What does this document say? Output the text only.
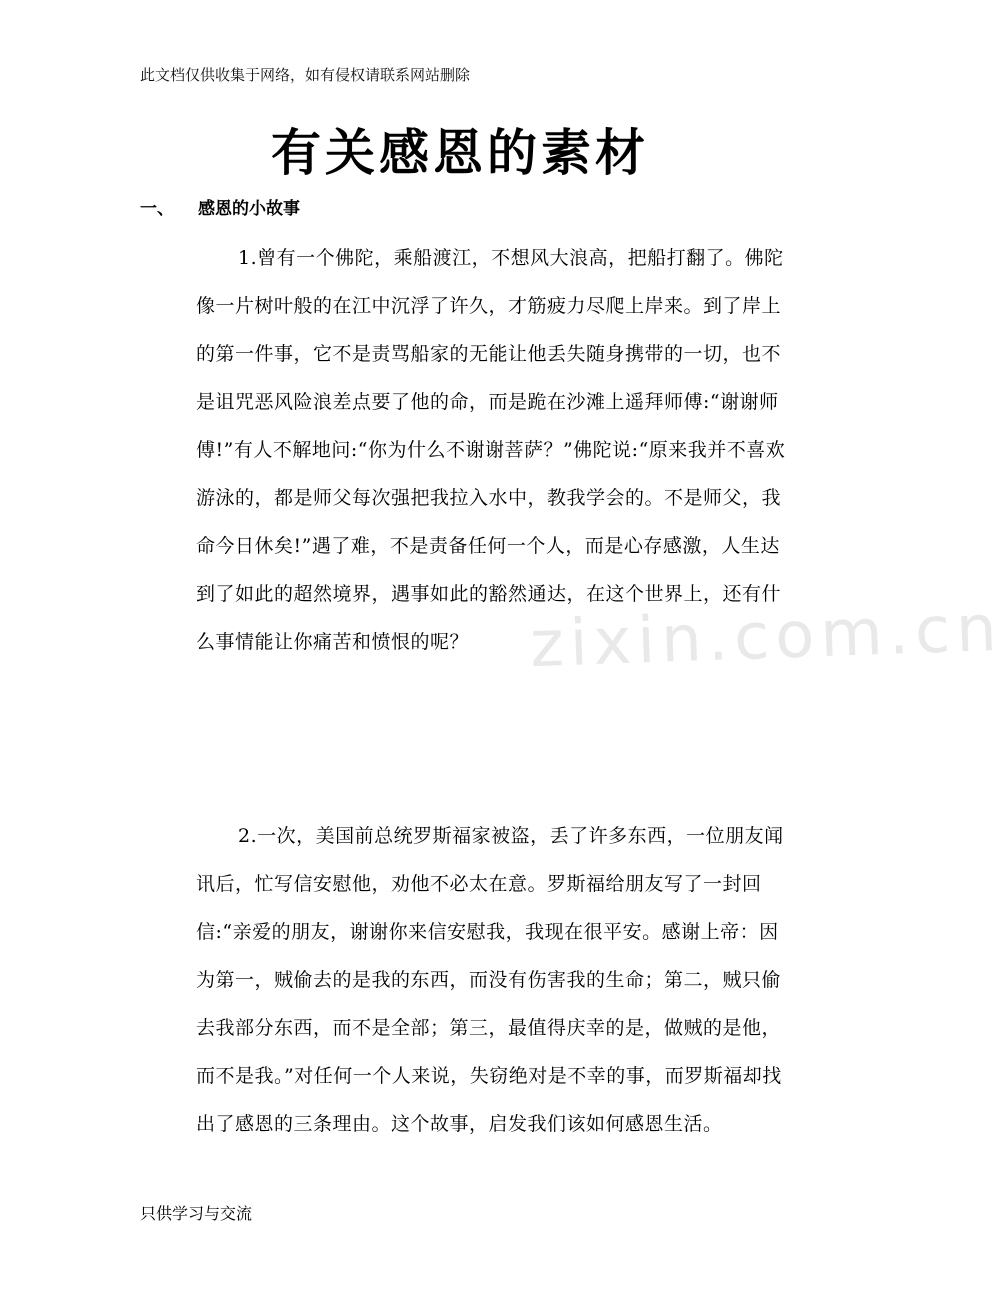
此文档仅供收集于网络，如有侵权请联系网站删除
有关感恩的素材
一、 感恩的小故事

1.曾有一个佛陀，乘船渡江，不想风大浪高，把船打翻了。佛陀像一片树叶般的在江中沉浮了许久，才筋疲力尽爬上岸来。到了岸上的第一件事，它不是责骂船家的无能让他丢失随身携带的一切，也不是诅咒恶风险浪差点要了他的命，而是跪在沙滩上遥拜师傅:“谢谢师傅!”有人不解地问:“你为什么不谢谢菩萨？”佛陀说:“原来我并不喜欢游泳的，都是师父每次强把我拉入水中，教我学会的。不是师父，我命今日休矣!”遇了难，不是责备任何一个人，而是心存感激，人生达到了如此的超然境界，遇事如此的豁然通达，在这个世界上，还有什么事情能让你痛苦和愤恨的呢？ zixin.com.cn

2.一次，美国前总统罗斯福家被盗，丢了许多东西，一位朋友闻讯后，忙写信安慰他，劝他不必太在意。罗斯福给朋友写了一封回信:“亲爱的朋友，谢谢你来信安慰我，我现在很平安。感谢上帝：因为第一，贼偷去的是我的东西，而没有伤害我的生命；第二，贼只偷去我部分东西，而不是全部；第三，最值得庆幸的是，做贼的是他，而不是我。”对任何一个人来说，失窃绝对是不幸的事，而罗斯福却找出了感恩的三条理由。这个故事，启发我们该如何感恩生活。

只供学习与交流
